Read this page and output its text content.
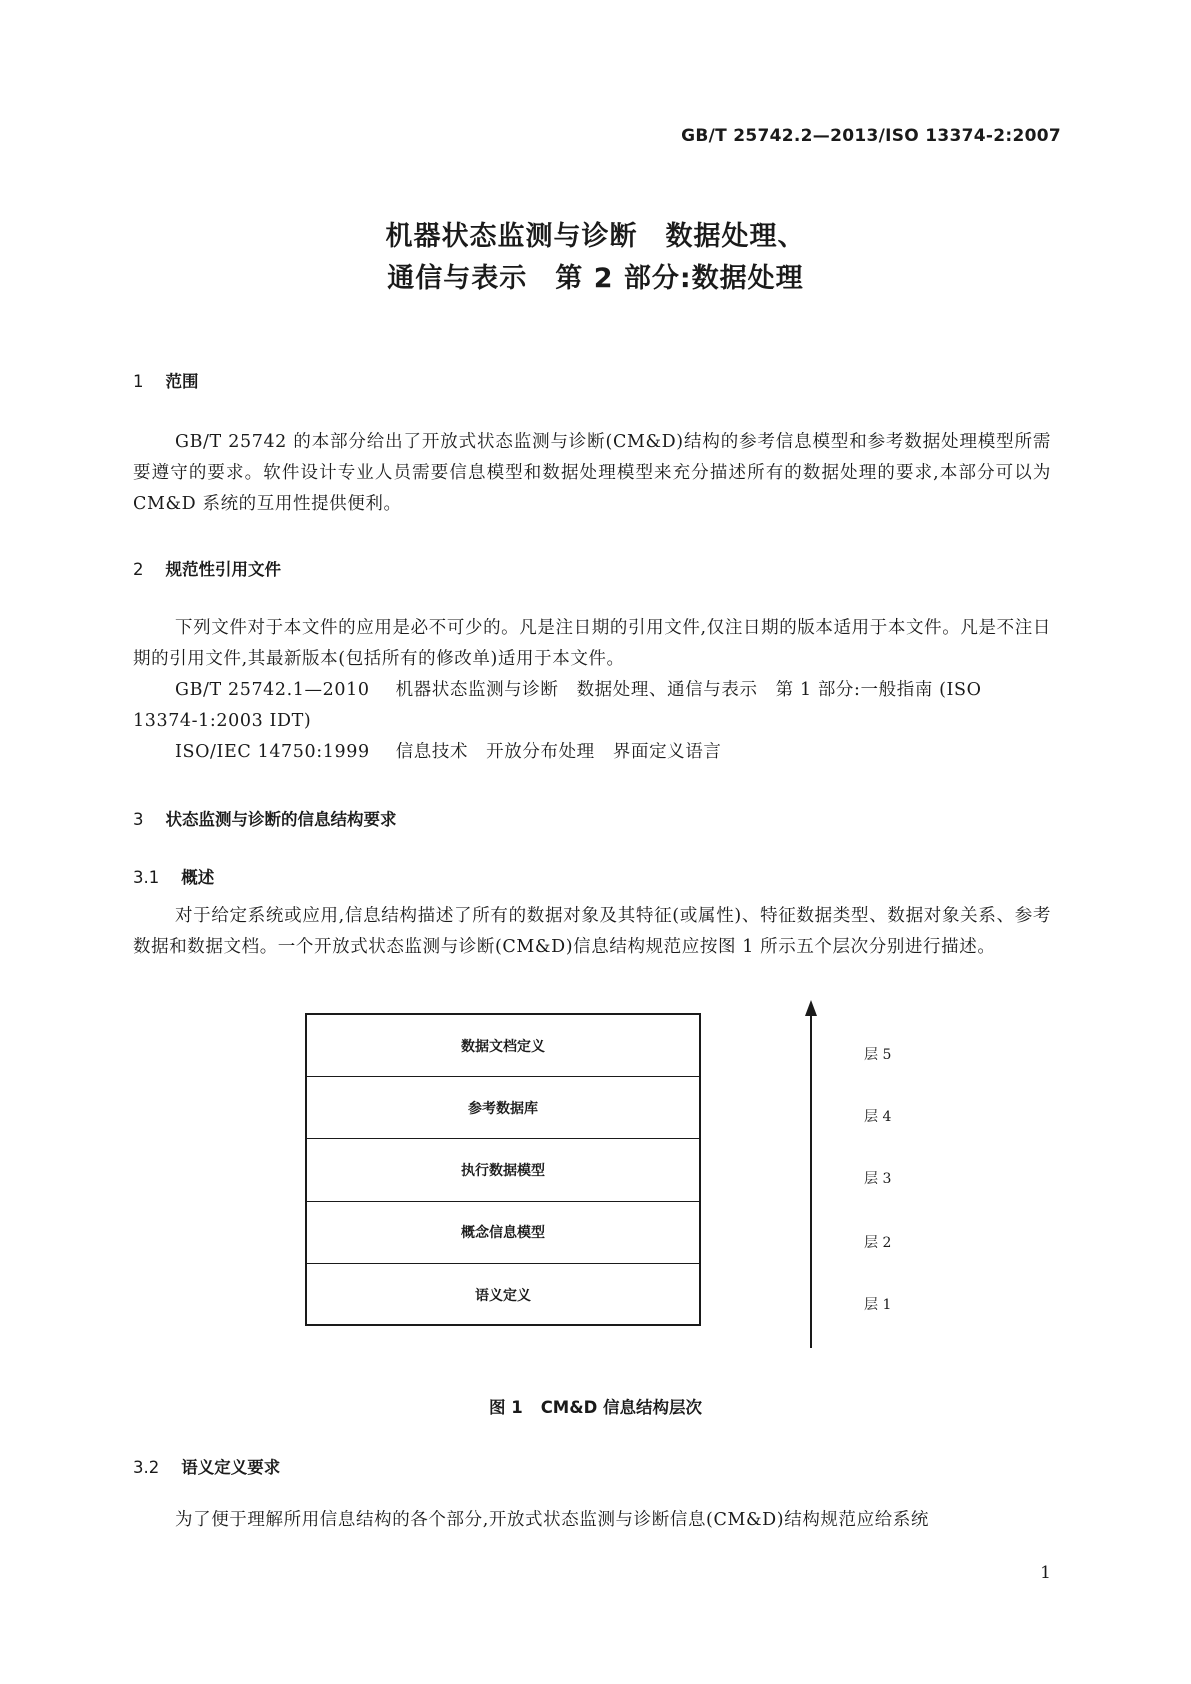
GB/T 25742.2—2013/ISO 13374-2:2007
机器状态监测与诊断　数据处理、
通信与表示　第 2 部分:数据处理
1 范围
GB/T 25742 的本部分给出了开放式状态监测与诊断(CM&D)结构的参考信息模型和参考数据处理模型所需要遵守的要求。软件设计专业人员需要信息模型和数据处理模型来充分描述所有的数据处理的要求,本部分可以为 CM&D 系统的互用性提供便利。
2 规范性引用文件
下列文件对于本文件的应用是必不可少的。凡是注日期的引用文件,仅注日期的版本适用于本文件。凡是不注日期的引用文件,其最新版本(包括所有的修改单)适用于本文件。
GB/T 25742.1—2010 机器状态监测与诊断　数据处理、通信与表示　第 1 部分:一般指南 (ISO 13374-1:2003 IDT)
ISO/IEC 14750:1999 信息技术　开放分布处理　界面定义语言
3 状态监测与诊断的信息结构要求
3.1 概述
对于给定系统或应用,信息结构描述了所有的数据对象及其特征(或属性)、特征数据类型、数据对象关系、参考数据和数据文档。一个开放式状态监测与诊断(CM&D)信息结构规范应按图 1 所示五个层次分别进行描述。
数据文档定义
参考数据库
执行数据模型
概念信息模型
语义定义
层 5
层 4
层 3
层 2
层 1
图 1 CM&D 信息结构层次
3.2 语义定义要求
为了便于理解所用信息结构的各个部分,开放式状态监测与诊断信息(CM&D)结构规范应给系统
1
